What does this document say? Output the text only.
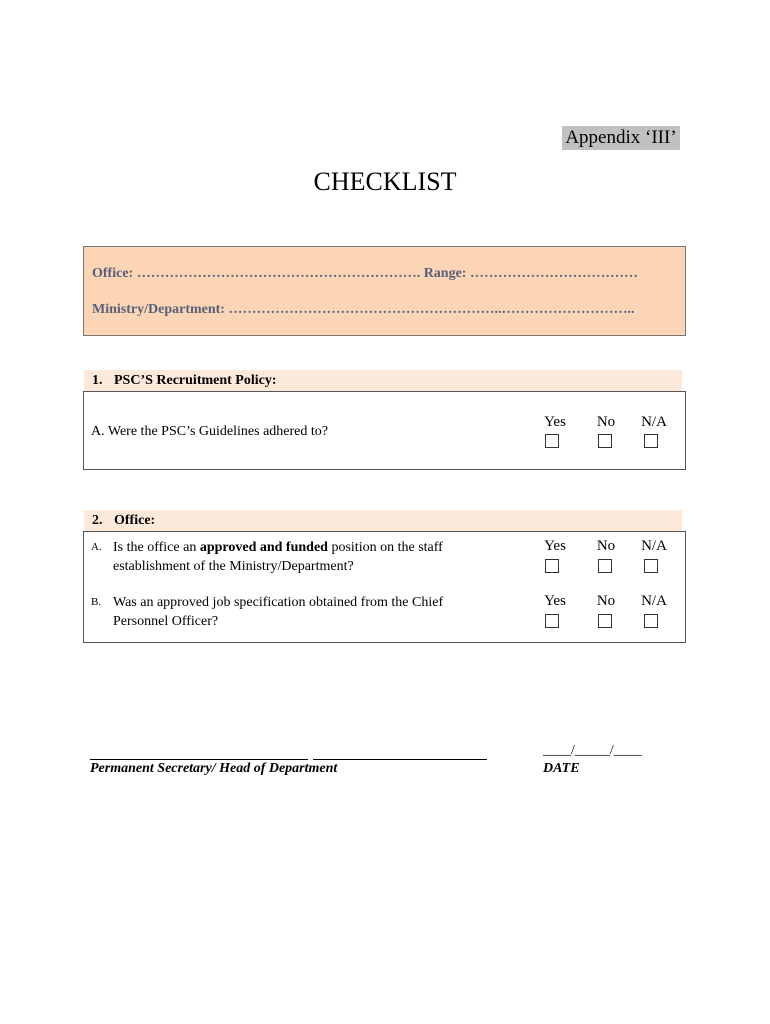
Appendix ‘III’
CHECKLIST
Office: ……………………………………………………. Range: ………………………………
Ministry/Department: …………………………………………………..………………………..
1. PSC’S Recruitment Policy:
A. Were the PSC’s Guidelines adhered to?
Yes	No	N/A
2. Office:
A. Is the office an approved and funded position on the staff
establishment of the Ministry/Department?
Yes	No	N/A
B. Was an approved job specification obtained from the Chief
Personnel Officer?
Yes	No	N/A
Permanent Secretary/ Head of Department
____/_____/____
DATE
